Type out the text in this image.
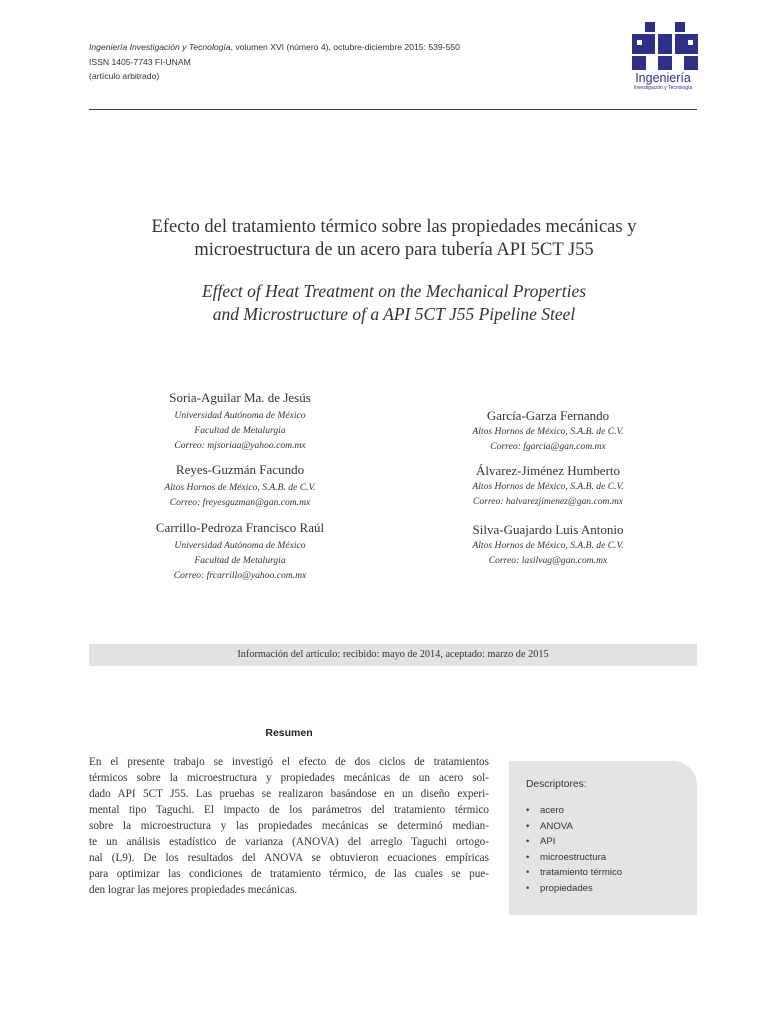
Ingeniería Investigación y Tecnología, volumen XVI (número 4), octubre-diciembre 2015: 539-550
ISSN 1405-7743 FI-UNAM
(artículo arbitrado)	Ingeniería
Investigación y Tecnología
Efecto del tratamiento térmico sobre las propiedades mecánicas y
microestructura de un acero para tubería API 5CT J55
Effect of Heat Treatment on the Mechanical Properties
and Microstructure of a API 5CT J55 Pipeline Steel
Soria-Aguilar Ma. de Jesús
Universidad Autónoma de México
Facultad de Metalurgia
Correo: mjsoriaa@yahoo.com.mx
Reyes-Guzmán Facundo
Altos Hornos de México, S.A.B. de C.V.
Correo: freyesguzman@gan.com.mx
Carrillo-Pedroza Francisco Raúl
Universidad Autónoma de México
Facultad de Metalurgia
Correo: frcarrillo@yahoo.com.mx
García-Garza Fernando
Altos Hornos de México, S.A.B. de C.V.
Correo: fgarcia@gan.com.mx
Álvarez-Jiménez Humberto
Altos Hornos de México, S.A.B. de C.V.
Correo: halvarezjimenez@gan.com.mx
Silva-Guajardo Luis Antonio
Altos Hornos de México, S.A.B. de C.V.
Correo: lasilvag@gan.com.mx
Información del artículo: recibido: mayo de 2014, aceptado: marzo de 2015
Resumen
En el presente trabajo se investigó el efecto de dos ciclos de tratamientos
térmicos sobre la microestructura y propiedades mecánicas de un acero sol-
dado API 5CT J55. Las pruebas se realizaron basándose en un diseño experi-
mental tipo Taguchi. El impacto de los parámetros del tratamiento térmico
sobre la microestructura y las propiedades mecánicas se determinó median-
te un análisis estadístico de varianza (ANOVA) del arreglo Taguchi ortogo-
nal (L9). De los resultados del ANOVA se obtuvieron ecuaciones empíricas
para optimizar las condiciones de tratamiento térmico, de las cuales se pue-
den lograr las mejores propiedades mecánicas.
Descriptores:
• acero
• ANOVA
• API
• microestructura
• tratamiento térmico
• propiedades
